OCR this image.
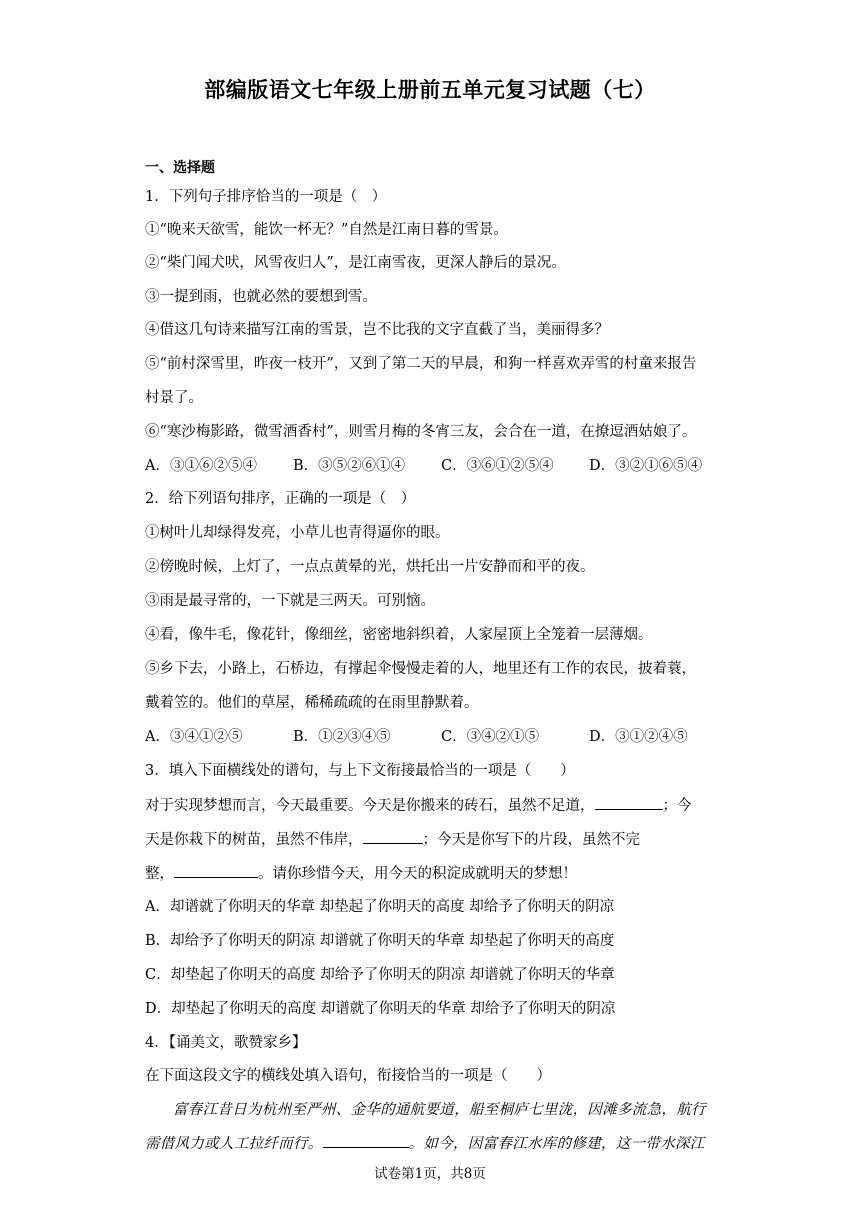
部编版语文七年级上册前五单元复习试题（七）
一、选择题
1．下列句子排序恰当的一项是（　）
①“晚来天欲雪，能饮一杯无？”自然是江南日暮的雪景。
②“柴门闻犬吠，风雪夜归人”，是江南雪夜，更深人静后的景况。
③一提到雨，也就必然的要想到雪。
④借这几句诗来描写江南的雪景，岂不比我的文字直截了当，美丽得多？
⑤“前村深雪里，昨夜一枝开”，又到了第二天的早晨，和狗一样喜欢弄雪的村童来报告
村景了。
⑥“寒沙梅影路，微雪酒香村”，则雪月梅的冬宵三友，会合在一道，在撩逗酒姑娘了。
A．③①⑥②⑤④ B．③⑤②⑥①④ C．③⑥①②⑤④ D．③②①⑥⑤④
2．给下列语句排序，正确的一项是（　）
①树叶儿却绿得发亮，小草儿也青得逼你的眼。
②傍晚时候，上灯了，一点点黄晕的光，烘托出一片安静而和平的夜。
③雨是最寻常的，一下就是三两天。可别恼。
④看，像牛毛，像花针，像细丝，密密地斜织着，人家屋顶上全笼着一层薄烟。
⑤乡下去，小路上，石桥边，有撑起伞慢慢走着的人，地里还有工作的农民，披着蓑，
戴着笠的。他们的草屋，稀稀疏疏的在雨里静默着。
A．③④①②⑤	B．①②③④⑤	C．③④②①⑤	D．③①②④⑤
3．填入下面横线处的谱句，与上下文衔接最恰当的一项是（　　）
对于实现梦想而言，今天最重要。今天是你搬来的砖石，虽然不足道，	；今
天是你栽下的树苗，虽然不伟岸，	；今天是你写下的片段，虽然不完
整，	。请你珍惜今天，用今天的积淀成就明天的梦想！
A．却谱就了你明天的华章 却垫起了你明天的高度 却给予了你明天的阴凉
B．却给予了你明天的阴凉 却谱就了你明天的华章 却垫起了你明天的高度
C．却垫起了你明天的高度 却给予了你明天的阴凉 却谱就了你明天的华章
D．却垫起了你明天的高度 却谱就了你明天的华章 却给予了你明天的阴凉
4．【诵美文，歌赞家乡】
在下面这段文字的横线处填入语句，衔接恰当的一项是（　　）
富春江昔日为杭州至严州、金华的通航要道，船至桐庐七里泷，因滩多流急，航行
需借风力或人工拉纤而行。	。如今，因富春江水库的修建，这一带水深江
试卷第1页，共8页
